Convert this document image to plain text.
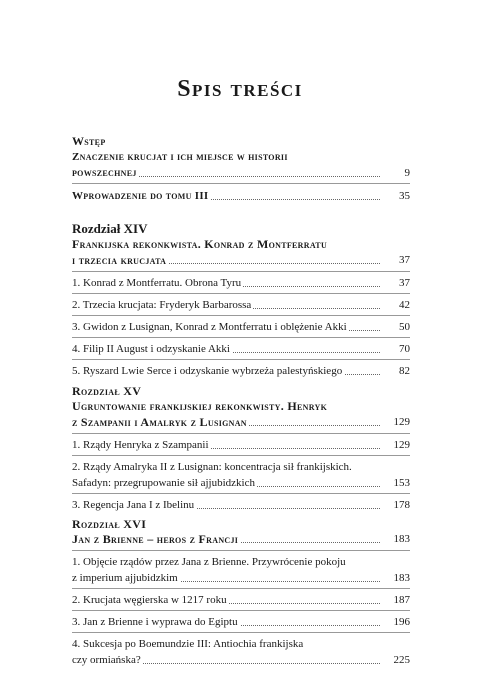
Spis treści
Wstęp
Znaczenie krucjat i ich miejsce w historii
powszechnej	9
Wprowadzenie do tomu III	35
Rozdział XIV
Frankijska rekonkwista. Konrad z Montferratu
i trzecia krucjata	37
1. Konrad z Montferratu. Obrona Tyru	37
2. Trzecia krucjata: Fryderyk Barbarossa	42
3. Gwidon z Lusignan, Konrad z Montferratu i oblężenie Akki	50
4. Filip II August i odzyskanie Akki	70
5. Ryszard Lwie Serce i odzyskanie wybrzeża palestyńskiego	82
Rozdział XV
Ugruntowanie frankijskiej rekonkwisty. Henryk
z Szampanii i Amalryk z Lusignan	129
1. Rządy Henryka z Szampanii	129
2. Rządy Amalryka II z Lusignan: koncentracja sił frankijskich.
Safadyn: przegrupowanie sił ajjubidzkich	153
3. Regencja Jana I z Ibelinu	178
Rozdział XVI
Jan z Brienne – heros z Francji	183
1. Objęcie rządów przez Jana z Brienne. Przywrócenie pokoju
z imperium ajjubidzkim	183
2. Krucjata węgierska w 1217 roku	187
3. Jan z Brienne i wyprawa do Egiptu	196
4. Sukcesja po Boemundzie III: Antiochia frankijska
czy ormiańska?	225
